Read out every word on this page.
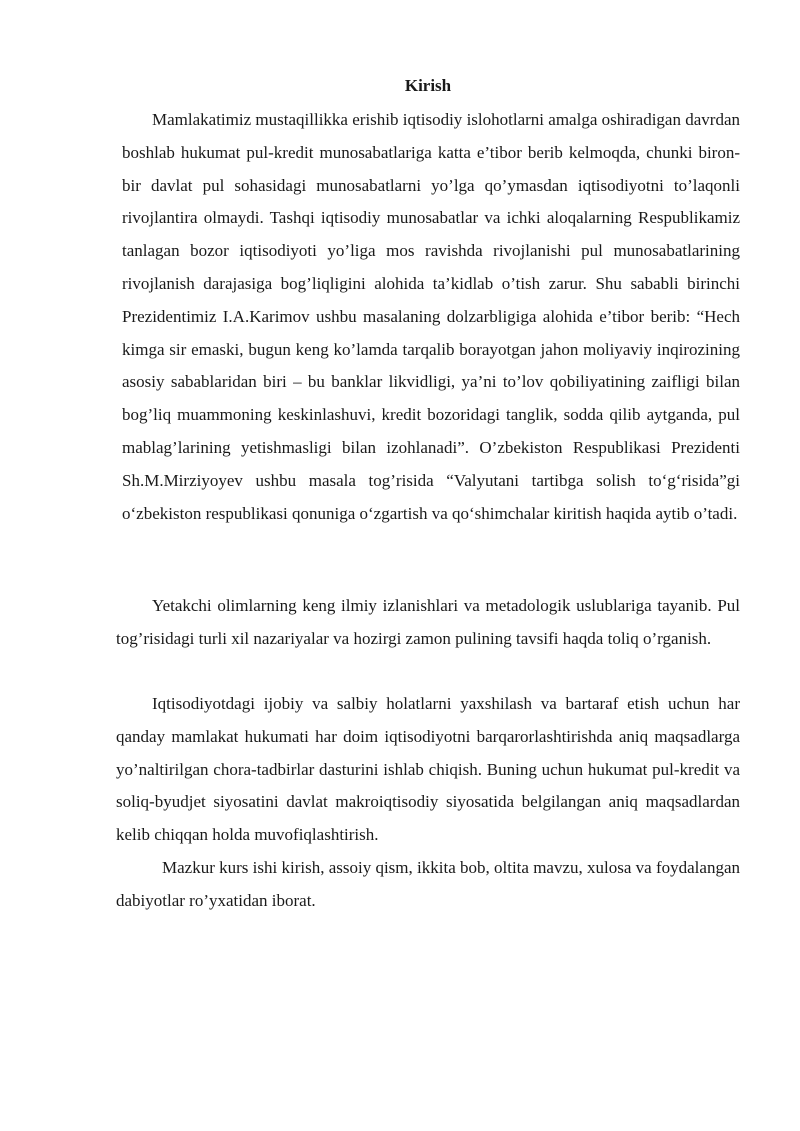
Kirish

Mamlakatimiz mustaqillikka erishib iqtisodiy islohotlarni amalga oshiradigan davrdan boshlab hukumat pul-kredit munosabatlariga katta e’tibor berib kelmoqda, chunki biron-bir davlat pul sohasidagi munosabatlarni yo’lga qo’ymasdan iqtisodiyotni to’laqonli rivojlantira olmaydi. Tashqi iqtisodiy munosabatlar va ichki aloqalarning Respublikamiz tanlagan bozor iqtisodiyoti yo’liga mos ravishda rivojlanishi pul munosabatlarining rivojlanish darajasiga bog’liqligini alohida ta’kidlab o’tish zarur. Shu sababli birinchi Prezidentimiz I.A.Karimov ushbu masalaning dolzarbligiga alohida e’tibor berib: “Hech kimga sir emaski, bugun keng ko’lamda tarqalib borayotgan jahon moliyaviy inqirozining asosiy sabablaridan biri – bu banklar likvidligi, ya’ni to’lov qobiliyatining zaifligi bilan bog’liq muammoning keskinlashuvi, kredit bozoridagi tanglik, sodda qilib aytganda, pul mablag’larining yetishmasligi bilan izohlanadi”. O’zbekiston Respublikasi Prezidenti Sh.M.Mirziyoyev ushbu masala tog’risida “Valyutani tartibga solish to‘g‘risida”gi o‘zbekiston respublikasi qonuniga o‘zgartish va qo‘shimchalar kiritish haqida aytib o’tadi.

Yetakchi olimlarning keng ilmiy izlanishlari va metadologik uslublariga tayanib. Pul tog’risidagi turli xil nazariyalar va hozirgi zamon pulining tavsifi haqda toliq o’rganish.

Iqtisodiyotdagi ijobiy va salbiy holatlarni yaxshilash va bartaraf etish uchun har qanday mamlakat hukumati har doim iqtisodiyotni barqarorlashtirishda aniq maqsadlarga yo’naltirilgan chora-tadbirlar dasturini ishlab chiqish. Buning uchun hukumat pul-kredit va soliq-byudjet siyosatini davlat makroiqtisodiy siyosatida belgilangan aniq maqsadlardan kelib chiqqan holda muvofiqlashtirish.

Mazkur kurs ishi kirish, assoiy qism, ikkita bob, oltita mavzu, xulosa va foydalangan dabiyotlar ro’yxatidan iborat.
